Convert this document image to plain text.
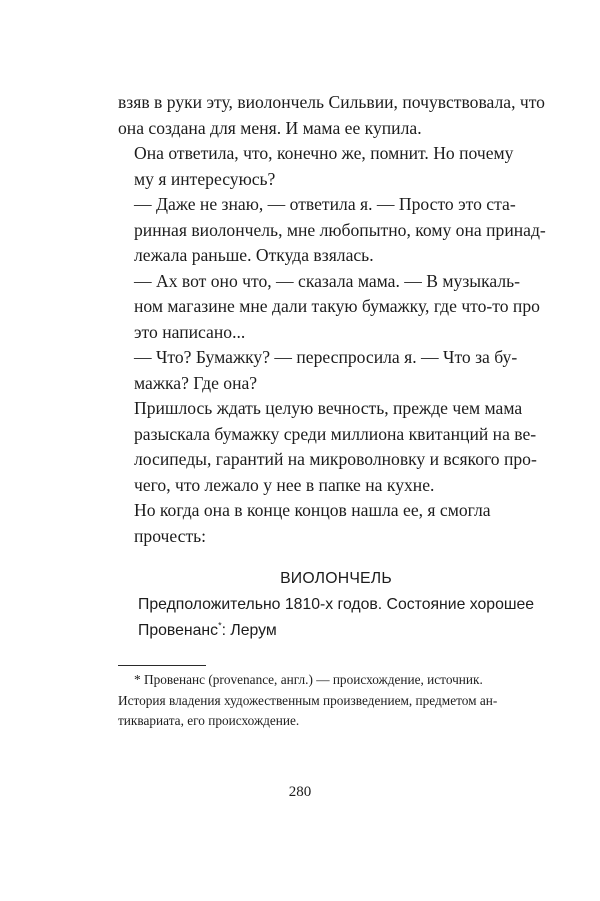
взяв в руки эту, виолончель Сильвии, почувствовала, что
она создана для меня. И мама ее купила.

Она ответила, что, конечно же, помнит. Но почему
му я интересуюсь?

— Даже не знаю, — ответила я. — Просто это ста-
ринная виолончель, мне любопытно, кому она принад-
лежала раньше. Откуда взялась.

— Ах вот оно что, — сказала мама. — В музыкаль-
ном магазине мне дали такую бумажку, где что-то про
это написано...

— Что? Бумажку? — переспросила я. — Что за бу-
мажка? Где она?

Пришлось ждать целую вечность, прежде чем мама
разыскала бумажку среди миллиона квитанций на ве-
лосипеды, гарантий на микроволновку и всякого про-
чего, что лежало у нее в папке на кухне.

Но когда она в конце концов нашла ее, я смогла
прочесть:

ВИОЛОНЧЕЛЬ
Предположительно 1810-х годов. Состояние хорошее
Провенанс*: Лерум
* Провенанс (provenance, англ.) — происхождение, источник.
История владения художественным произведением, предметом ан-
тиквариата, его происхождение.
280
